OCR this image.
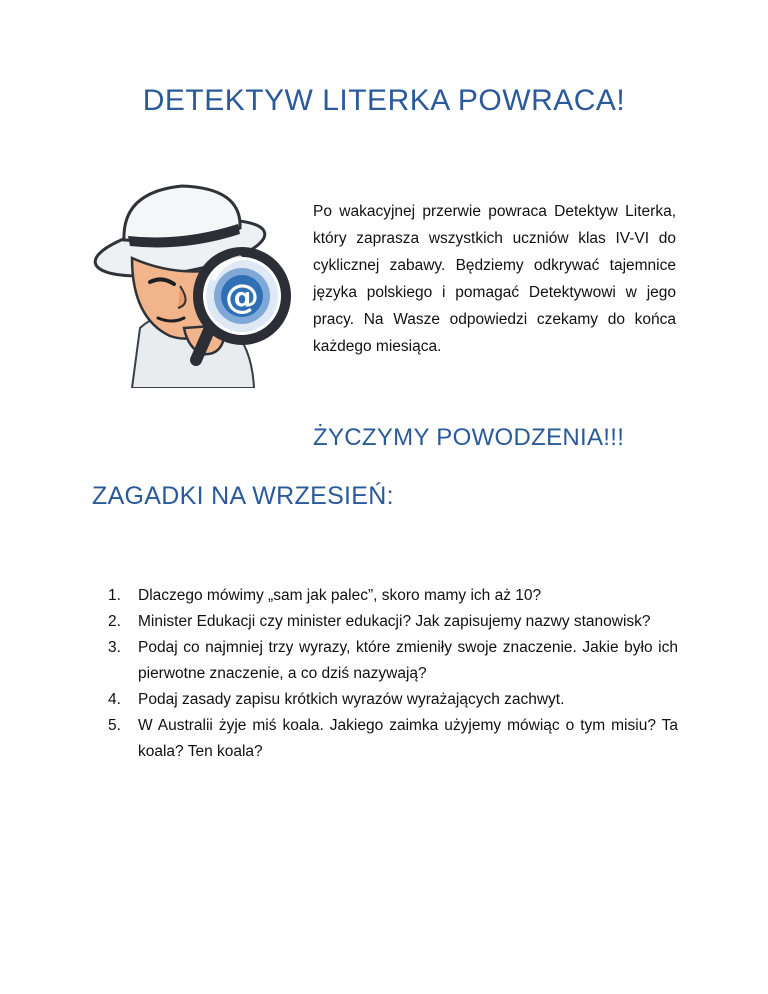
DETEKTYW LITERKA POWRACA!
@

Po wakacyjnej przerwie powraca Detektyw Literka, który zaprasza wszystkich uczniów klas IV-VI do cyklicznej zabawy. Będziemy odkrywać tajemnice języka polskiego i pomagać Detektywowi w jego pracy. Na Wasze odpowiedzi czekamy do końca każdego miesiąca.

ŻYCZYMY POWODZENIA!!!
ZAGADKI NA WRZESIEŃ:
1. Dlaczego mówimy „sam jak palec”, skoro mamy ich aż 10?
2. Minister Edukacji czy minister edukacji? Jak zapisujemy nazwy stanowisk?
3. Podaj co najmniej trzy wyrazy, które zmieniły swoje znaczenie. Jakie było ich pierwotne znaczenie, a co dziś nazywają?
4. Podaj zasady zapisu krótkich wyrazów wyrażających zachwyt.
5. W Australii żyje miś koala. Jakiego zaimka użyjemy mówiąc o tym misiu? Ta koala? Ten koala?
